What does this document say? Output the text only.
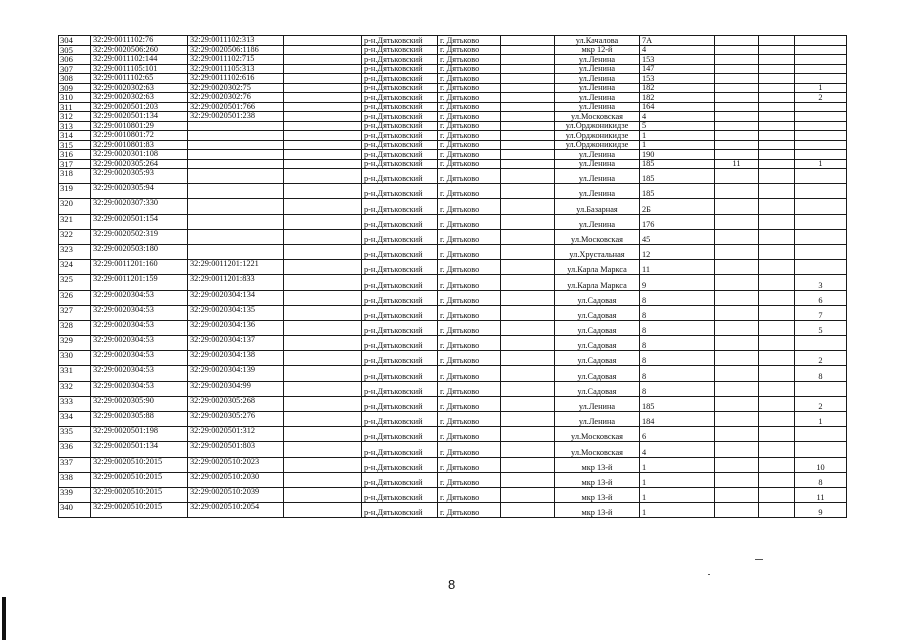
304	32:29:0011102:76	32:29:0011102:313		р-н.Дятьковский	г. Дятьково		ул.Качалова	7А			
305	32:29:0020506:260	32:29:0020506:1186		р-н.Дятьковский	г. Дятьково		мкр 12-й	4			
306	32:29:0011102:144	32:29:0011102:715		р-н.Дятьковский	г. Дятьково		ул.Ленина	153			
307	32:29:0011105:101	32:29:0011105:313		р-н.Дятьковский	г. Дятьково		ул.Ленина	147			
308	32:29:0011102:65	32:29:0011102:616		р-н.Дятьковский	г. Дятьково		ул.Ленина	153			
309	32:29:0020302:63	32:29:0020302:75		р-н.Дятьковский	г. Дятьково		ул.Ленина	182			1
310	32:29:0020302:63	32:29:0020302:76		р-н.Дятьковский	г. Дятьково		ул.Ленина	182			2
311	32:29:0020501:203	32:29:0020501:766		р-н.Дятьковский	г. Дятьково		ул.Ленина	164			
312	32:29:0020501:134	32:29:0020501:238		р-н.Дятьковский	г. Дятьково		ул.Московская	4			
313	32:29:0010801:29			р-н.Дятьковский	г. Дятьково		ул.Орджоникидзе	5			
314	32:29:0010801:72			р-н.Дятьковский	г. Дятьково		ул.Орджоникидзе	1			
315	32:29:0010801:83			р-н.Дятьковский	г. Дятьково		ул.Орджоникидзе	1			
316	32:29:0020301:108			р-н.Дятьковский	г. Дятьково		ул.Ленина	190			
317	32:29:0020305:264			р-н.Дятьковский	г. Дятьково		ул.Ленина	185	11		1
318	32:29:0020305:93			р-н.Дятьковский	г. Дятьково		ул.Ленина	185			
319	32:29:0020305:94			р-н.Дятьковский	г. Дятьково		ул.Ленина	185			
320	32:29:0020307:330			р-н.Дятьковский	г. Дятьково		ул.Базарная	2Б			
321	32:29:0020501:154			р-н.Дятьковский	г. Дятьково		ул.Ленина	176			
322	32:29:0020502:319			р-н.Дятьковский	г. Дятьково		ул.Московская	45			
323	32:29:0020503:180			р-н.Дятьковский	г. Дятьково		ул.Хрустальная	12			
324	32:29:0011201:160	32:29:0011201:1221		р-н.Дятьковский	г. Дятьково		ул.Карла Маркса	11			
325	32:29:0011201:159	32:29:0011201:833		р-н.Дятьковский	г. Дятьково		ул.Карла Маркса	9			3
326	32:29:0020304:53	32:29:0020304:134		р-н.Дятьковский	г. Дятьково		ул.Садовая	8			6
327	32:29:0020304:53	32:29:0020304:135		р-н.Дятьковский	г. Дятьково		ул.Садовая	8			7
328	32:29:0020304:53	32:29:0020304:136		р-н.Дятьковский	г. Дятьково		ул.Садовая	8			5
329	32:29:0020304:53	32:29:0020304:137		р-н.Дятьковский	г. Дятьково		ул.Садовая	8			
330	32:29:0020304:53	32:29:0020304:138		р-н.Дятьковский	г. Дятьково		ул.Садовая	8			2
331	32:29:0020304:53	32:29:0020304:139		р-н.Дятьковский	г. Дятьково		ул.Садовая	8			8
332	32:29:0020304:53	32:29:0020304:99		р-н.Дятьковский	г. Дятьково		ул.Садовая	8			
333	32:29:0020305:90	32:29:0020305:268		р-н.Дятьковский	г. Дятьково		ул.Ленина	185			2
334	32:29:0020305:88	32:29:0020305:276		р-н.Дятьковский	г. Дятьково		ул.Ленина	184			1
335	32:29:0020501:198	32:29:0020501:312		р-н.Дятьковский	г. Дятьково		ул.Московская	6			
336	32:29:0020501:134	32:29:0020501:803		р-н.Дятьковский	г. Дятьково		ул.Московская	4			
337	32:29:0020510:2015	32:29:0020510:2023		р-н.Дятьковский	г. Дятьково		мкр 13-й	1			10
338	32:29:0020510:2015	32:29:0020510:2030		р-н.Дятьковский	г. Дятьково		мкр 13-й	1			8
339	32:29:0020510:2015	32:29:0020510:2039		р-н.Дятьковский	г. Дятьково		мкр 13-й	1			11
340	32:29:0020510:2015	32:29:0020510:2054		р-н.Дятьковский	г. Дятьково		мкр 13-й	1			9
8
